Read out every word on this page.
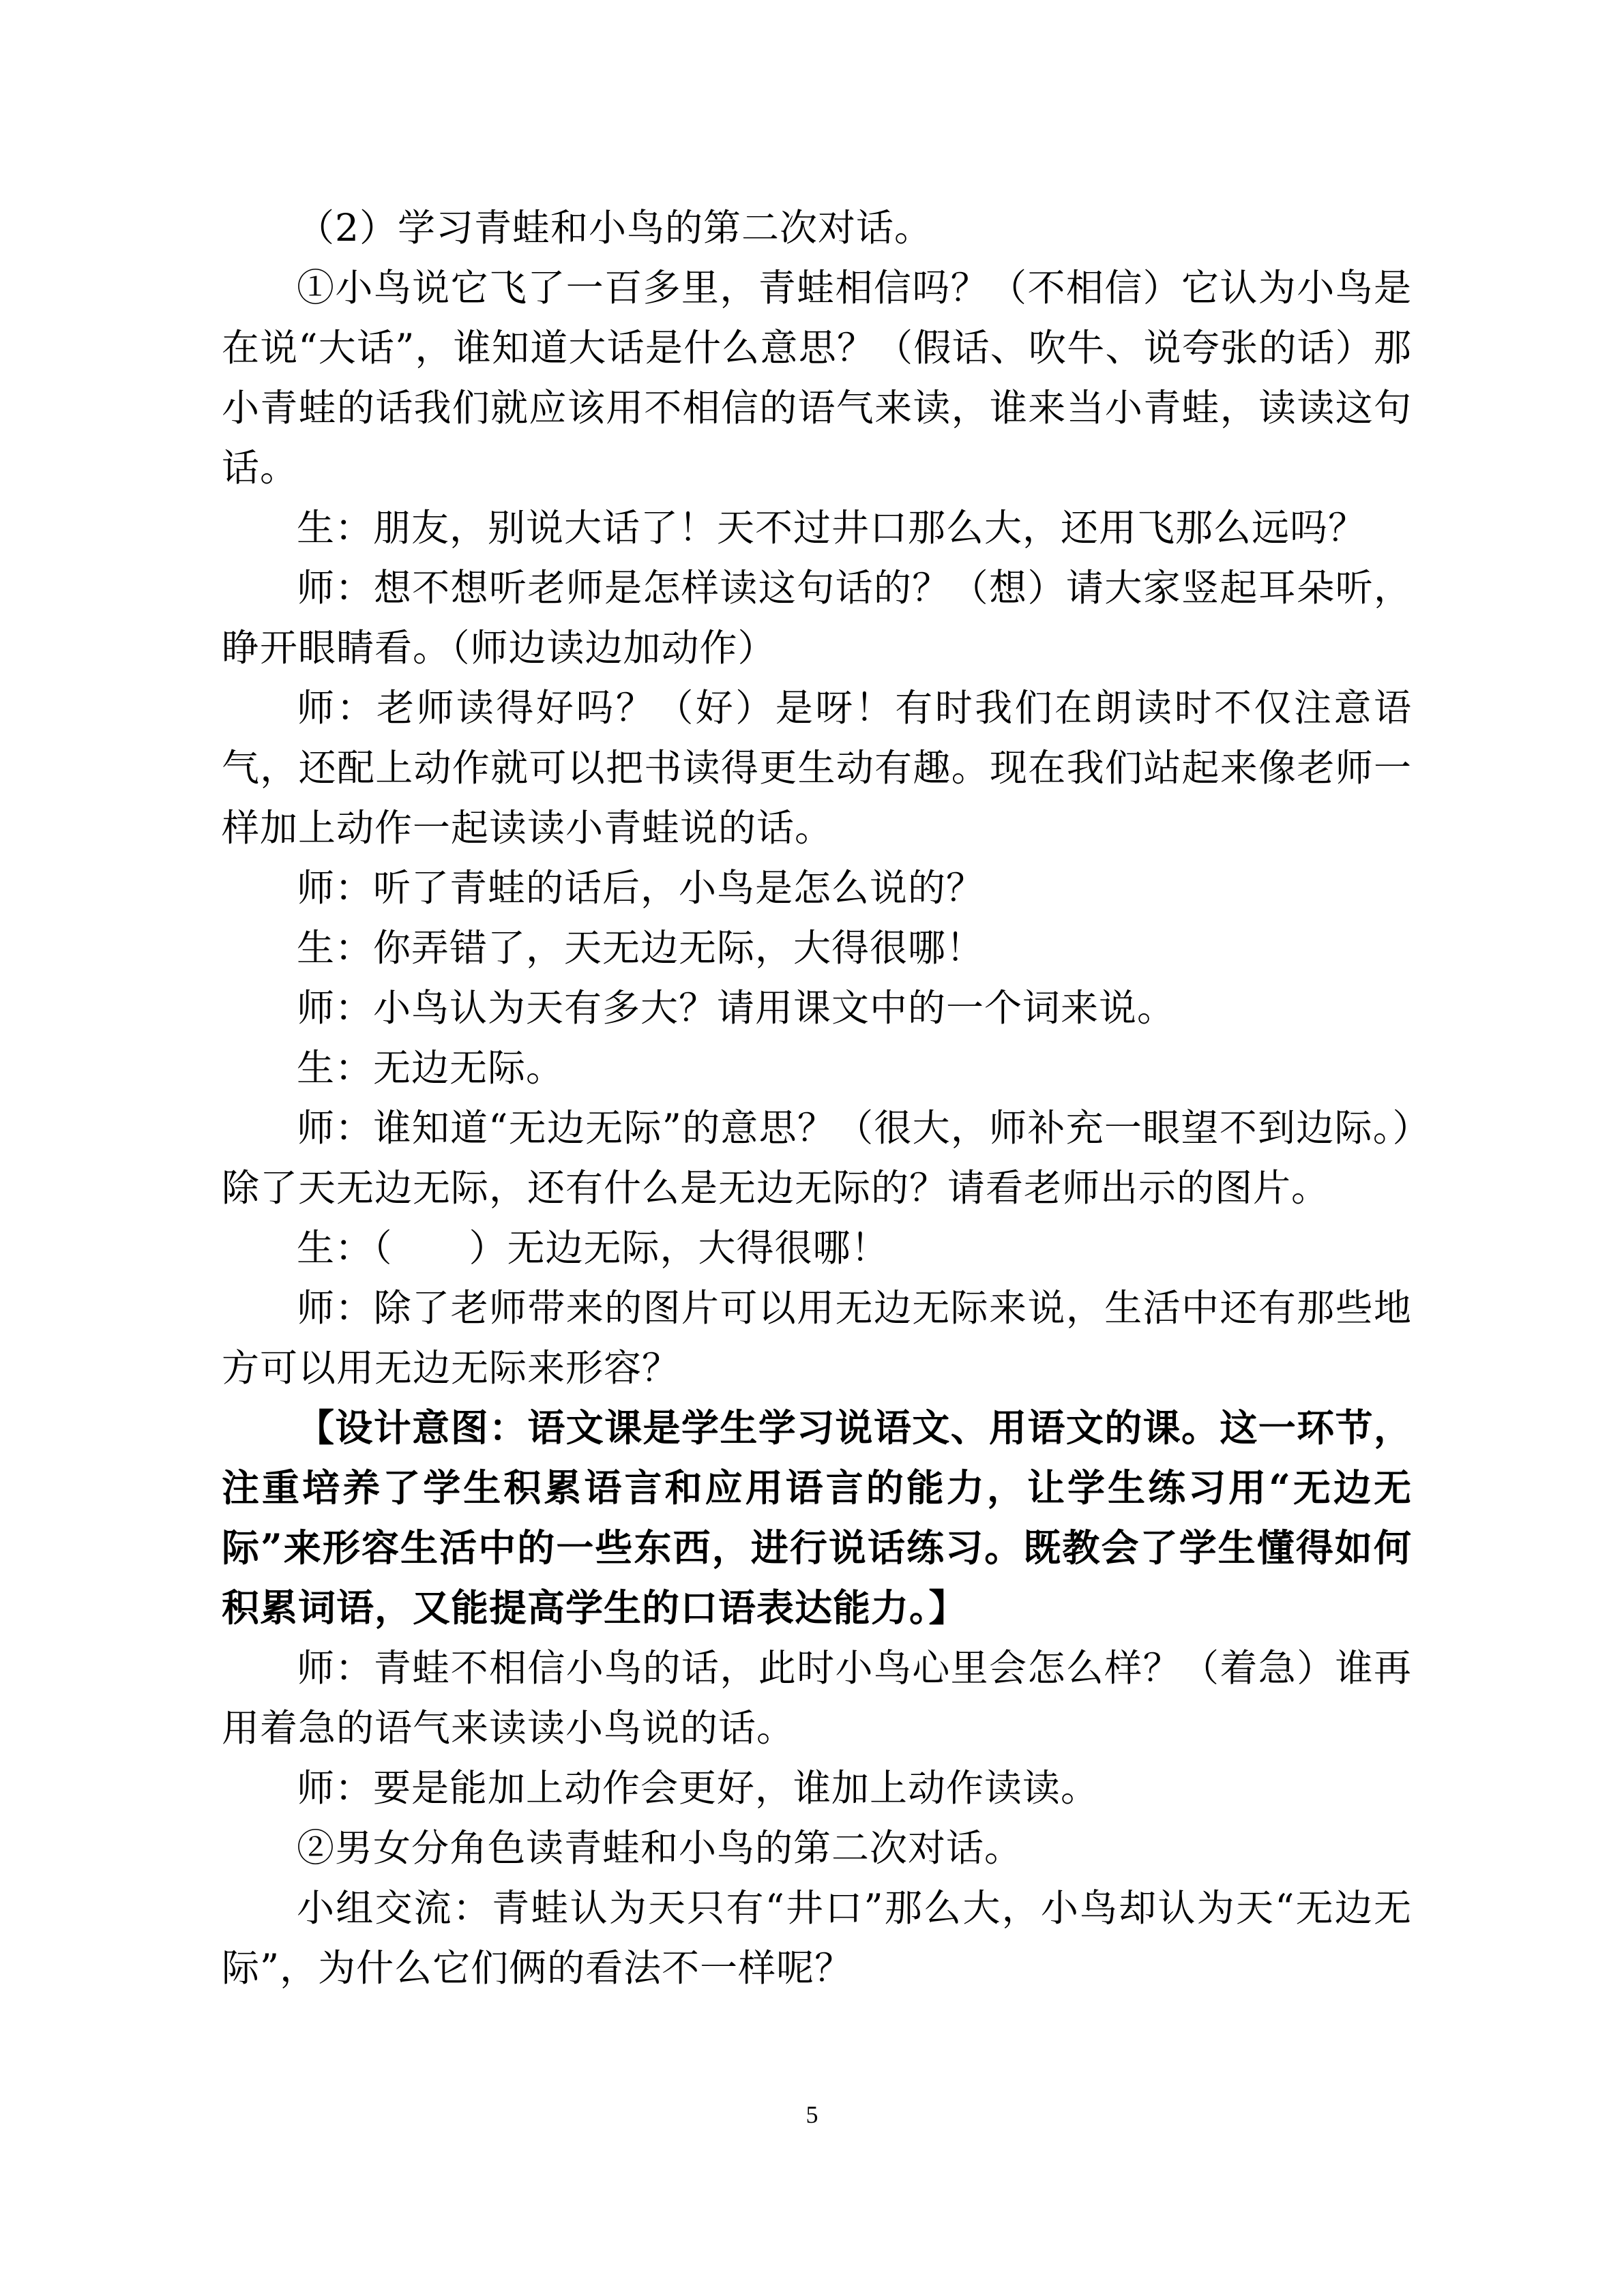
（2）学习青蛙和小鸟的第二次对话。

①小鸟说它飞了一百多里，青蛙相信吗？（不相信）它认为小鸟是在说“大话”，谁知道大话是什么意思？（假话、吹牛、说夸张的话）那小青蛙的话我们就应该用不相信的语气来读，谁来当小青蛙，读读这句话。

生：朋友，别说大话了！天不过井口那么大，还用飞那么远吗？

师：想不想听老师是怎样读这句话的？（想）请大家竖起耳朵听，睁开眼睛看。（师边读边加动作）

师：老师读得好吗？（好）是呀！有时我们在朗读时不仅注意语气，还配上动作就可以把书读得更生动有趣。现在我们站起来像老师一样加上动作一起读读小青蛙说的话。

师：听了青蛙的话后，小鸟是怎么说的？

生：你弄错了，天无边无际，大得很哪！

师：小鸟认为天有多大？请用课文中的一个词来说。

生：无边无际。

师：谁知道“无边无际”的意思？（很大，师补充一眼望不到边际。）除了天无边无际，还有什么是无边无际的？请看老师出示的图片。

生：（　　）无边无际，大得很哪！

师：除了老师带来的图片可以用无边无际来说，生活中还有那些地方可以用无边无际来形容？

【设计意图：语文课是学生学习说语文、用语文的课。这一环节，注重培养了学生积累语言和应用语言的能力，让学生练习用“无边无际”来形容生活中的一些东西，进行说话练习。既教会了学生懂得如何积累词语，又能提高学生的口语表达能力。】

师：青蛙不相信小鸟的话，此时小鸟心里会怎么样？（着急）谁再用着急的语气来读读小鸟说的话。

师：要是能加上动作会更好，谁加上动作读读。

②男女分角色读青蛙和小鸟的第二次对话。

小组交流：青蛙认为天只有“井口”那么大，小鸟却认为天“无边无际”，为什么它们俩的看法不一样呢？

5
